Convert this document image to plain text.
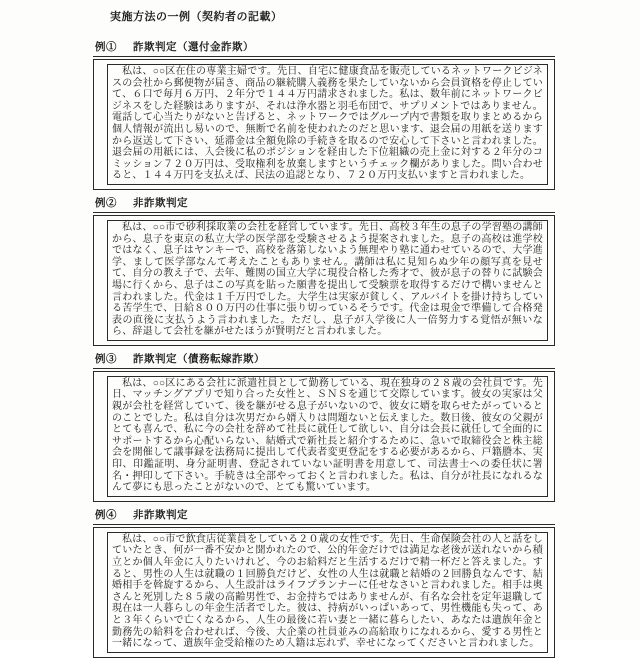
実施方法の一例（契約者の記載）
例① 詐欺判定（還付金詐欺）

私は、○○区在住の専業主婦です。先日、自宅に健康食品を販売しているネットワークビジネスの会社から郵便物が届き、商品の継続購入義務を果たしていないから会員資格を停止していて、６口で毎月６万円、２年分で１４４万円請求されました。私は、数年前にネットワークビジネスをした経験はありますが、それは浄水器と羽毛布団で、サプリメントではありません。電話して心当たりがないと告げると、ネットワークではグループ内で書類を取りまとめるから個人情報が流出し易いので、無断で名前を使われたのだと思います、退会届の用紙を送りますから返送して下さい、延滞金は全額免除の手続きを取るので安心して下さいと言われました。退会届の用紙には、入会後に私のポジションを経由した下位組織の売上金に対する２年分のコミッション７２０万円は、受取権利を放棄しますというチェック欄がありました。問い合わせると、１４４万円を支払えば、民法の追認となり、７２０万円支払いますと言われました。

例② 非詐欺判定

私は、○○市で砂利採取業の会社を経営しています。先日、高校３年生の息子の学習塾の講師から、息子を東京の私立大学の医学部を受験させるよう提案されました。息子の高校は進学校ではなく、息子はヤンキーで、高校を落第しないよう無理やり塾に通わせているので、大学進学、まして医学部なんて考えたこともありません。講師は私に見知らぬ少年の顔写真を見せて、自分の教え子で、去年、難関の国立大学に現役合格した秀才で、彼が息子の替りに試験会場に行くから、息子はこの写真を貼った願書を提出して受験票を取得するだけで構いませんと言われました。代金は１千万円でした。大学生は実家が貧しく、アルバイトを掛け持ちしている苦学生で、日給８００万円の仕事に張り切っているそうです。代金は現金で準備して合格発表の直後に支払うよう言われました。ただし、息子が入学後に人一倍努力する覚悟が無いなら、辞退して会社を継がせたほうが賢明だと言われました。

例③ 詐欺判定（債務転嫁詐欺）

私は、○○区にある会社に派遣社員として勤務している、現在独身の２８歳の会社員です。先日、マッチングアプリで知り合った女性と、ＳＮＳを通じて交際しています。彼女の実家は父親が会社を経営していて、後を継がせる息子がいないので、彼女に婿を取らせたがっているとのことでした。私は自分は次男だから婿入りは問題ないと伝えました。数日後、彼女の父親がとても喜んで、私に今の会社を辞めて社長に就任して欲しい、自分は会長に就任して全面的にサポートするから心配いらない、結婚式で新社長と紹介するために、急いで取締役会と株主総会を開催して議事録を法務局に提出して代表者変更登記をする必要があるから、戸籍謄本、実印、印鑑証明、身分証明書、登記されていない証明書を用意して、司法書士への委任状に署名・押印して下さい。手続きは全部やっておくと言われました。私は、自分が社長になれるなんて夢にも思ったことがないので、とても驚いています。

例④ 非詐欺判定

私は、○○市で飲食店従業員をしている２０歳の女性です。先日、生命保険会社の人と話をしていたとき、何が一番不安かと聞かれたので、公的年金だけでは満足な老後が送れないから積立とか個人年金に入りたいけれど、今のお給料だと生活するだけで精一杯だと答えました。すると、男性の人生は就職の１回勝負だけど、女性の人生は就職と結婚の２回勝負なんです、結婚相手を斡旋するから、人生設計はライフプランナーに任せなさいと言われました。相手は奥さんと死別した８５歳の高齢男性で、お金持ちではありませんが、有名な会社を定年退職して現在は一人暮らしの年金生活者でした。彼は、持病がいっぱいあって、男性機能も失って、あと３年くらいで亡くなるから、人生の最後に若い妻と一緒に暮らしたい、あなたは遺族年金と勤務先の給料を合わせれば、今後、大企業の社員並みの高給取りになれるから、愛する男性と一緒になって、遺族年金受給権のため入籍は忘れず、幸せになってくださいと言われました。
